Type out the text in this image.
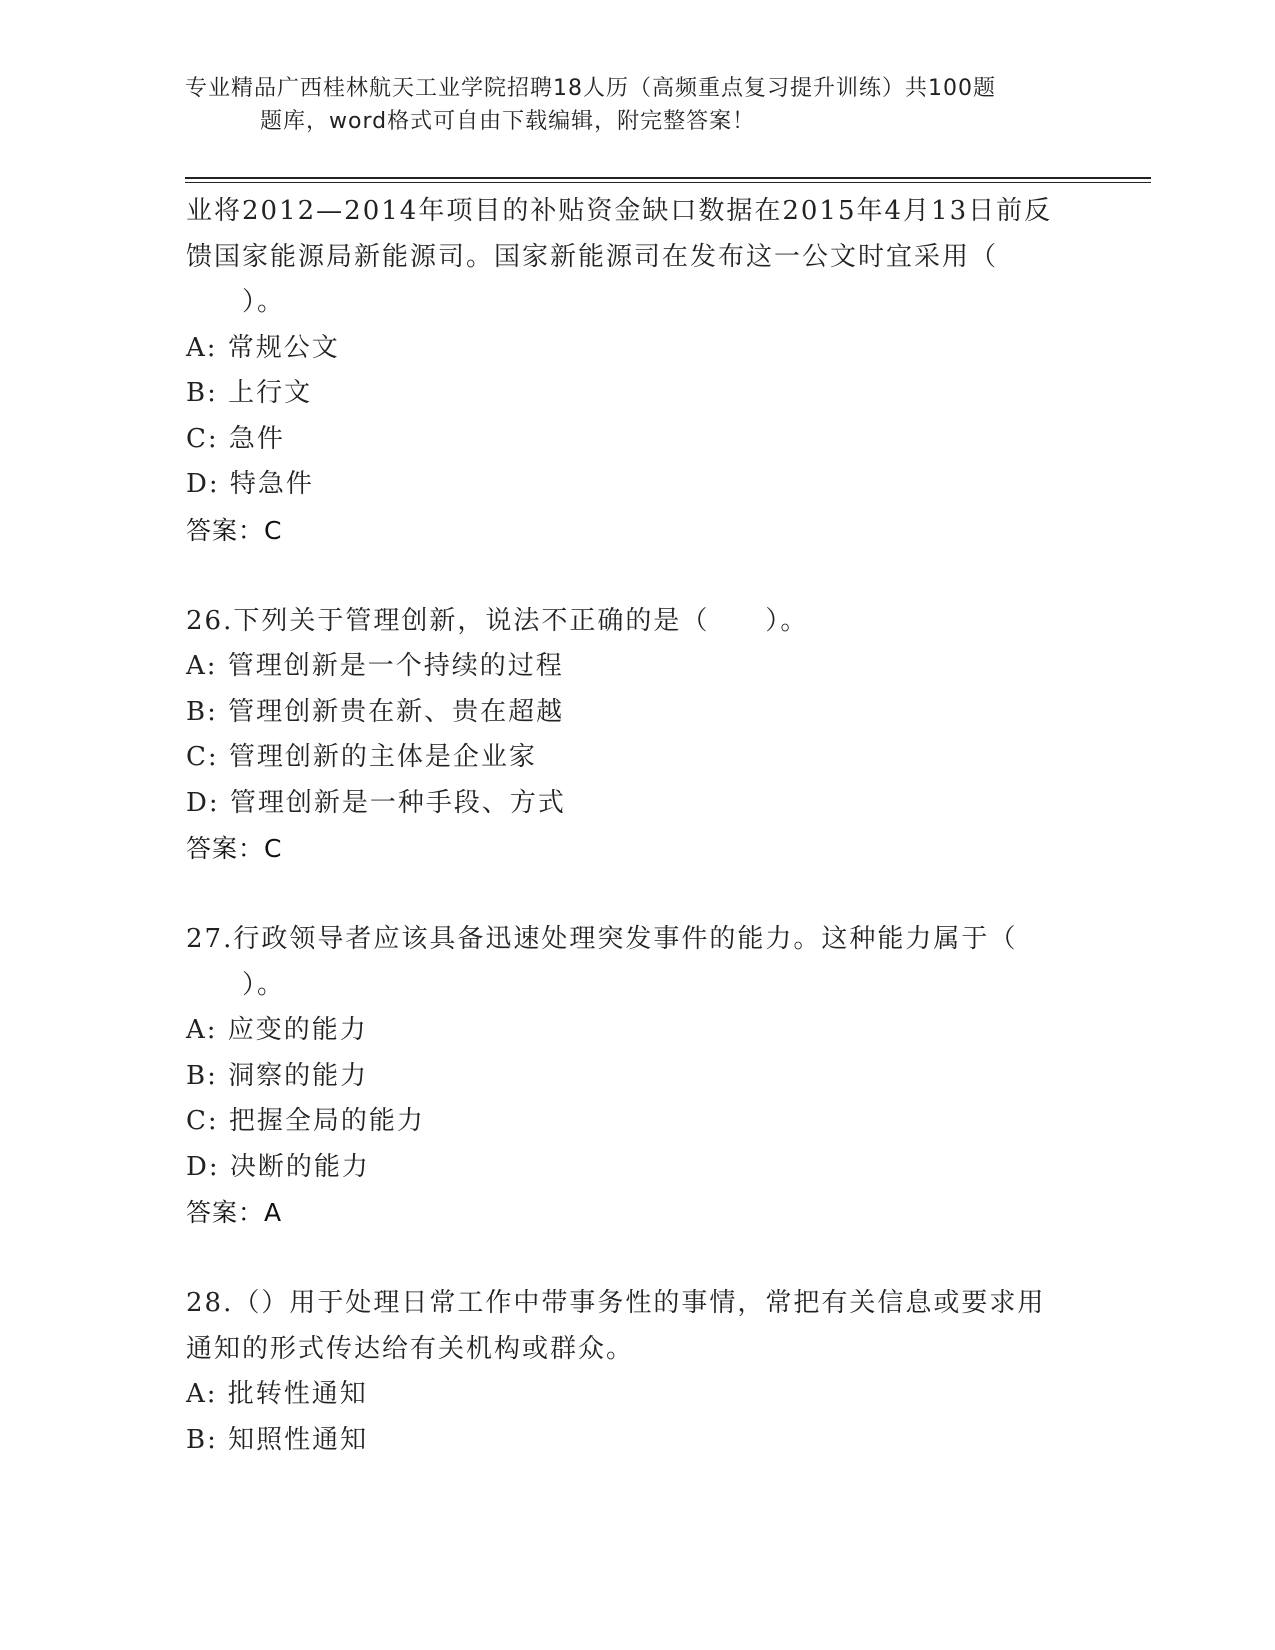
专业精品广西桂林航天工业学院招聘18人历（高频重点复习提升训练）共100题
题库，word格式可自由下载编辑，附完整答案！

业将2012—2014年项目的补贴资金缺口数据在2015年4月13日前反

馈国家能源局新能源司。国家新能源司在发布这一公文时宜采用（

）。

A: 常规公文

B: 上行文

C: 急件

D: 特急件

答案：C

26.下列关于管理创新，说法不正确的是（　　）。

A: 管理创新是一个持续的过程

B: 管理创新贵在新、贵在超越

C: 管理创新的主体是企业家

D: 管理创新是一种手段、方式

答案：C

27.行政领导者应该具备迅速处理突发事件的能力。这种能力属于（

）。

A: 应变的能力

B: 洞察的能力

C: 把握全局的能力

D: 决断的能力

答案：A

28.（）用于处理日常工作中带事务性的事情，常把有关信息或要求用

通知的形式传达给有关机构或群众。

A: 批转性通知

B: 知照性通知
